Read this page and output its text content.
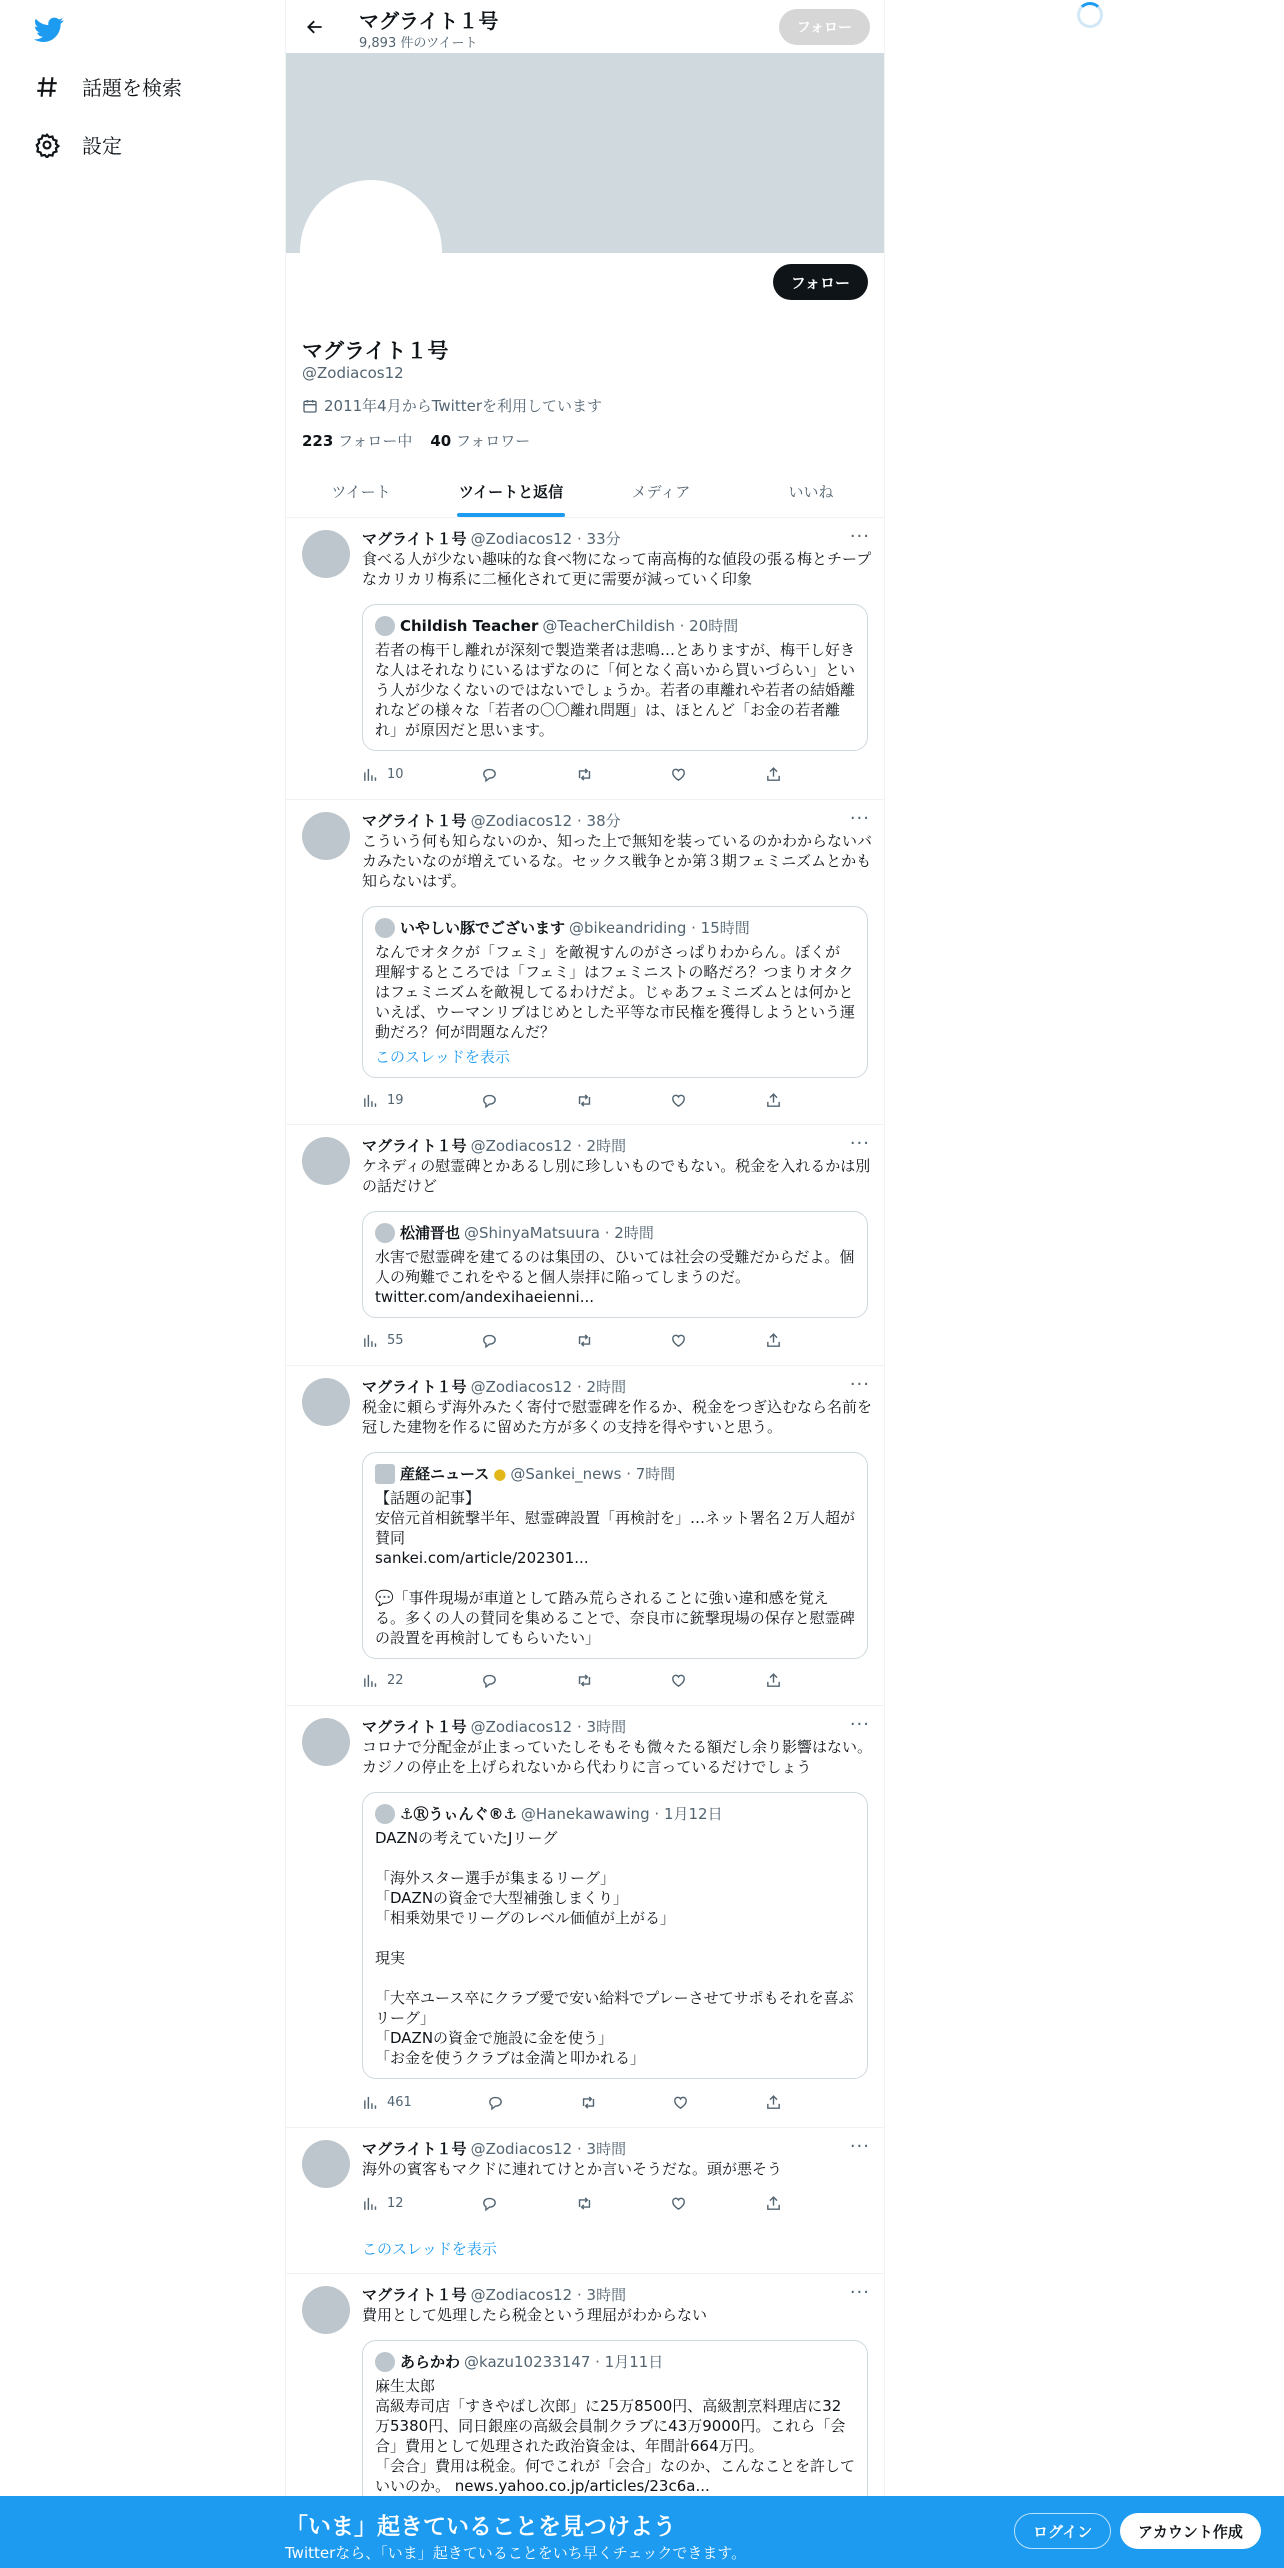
話題を検索
設定
マグライト１号
9,893 件のツイート
フォロー
フォロー
マグライト１号
@Zodiacos12
2011年4月からTwitterを利用しています
223 フォロー中 40 フォロワー
ツイート	ツイートと返信	メディア	いいね
マグライト１号 @Zodiacos12 · 33分	···
食べる人が少ない趣味的な食べ物になって南高梅的な値段の張る梅とチープなカリカリ梅系に二極化されて更に需要が減っていく印象
Childish Teacher @TeacherChildish · 20時間
若者の梅干し離れが深刻で製造業者は悲鳴…とありますが、梅干し好きな人はそれなりにいるはずなのに「何となく高いから買いづらい」という人が少なくないのではないでしょうか。若者の車離れや若者の結婚離れなどの様々な「若者の〇〇離れ問題」は、ほとんど「お金の若者離れ」が原因だと思います。
10
マグライト１号 @Zodiacos12 · 38分	···
こういう何も知らないのか、知った上で無知を装っているのかわからないバカみたいなのが増えているな。セックス戦争とか第３期フェミニズムとかも知らないはず。
いやしい豚でございます @bikeandriding · 15時間
なんでオタクが「フェミ」を敵視すんのがさっぱりわからん。ぼくが理解するところでは「フェミ」はフェミニストの略だろ？つまりオタクはフェミニズムを敵視してるわけだよ。じゃあフェミニズムとは何かといえば、ウーマンリブはじめとした平等な市民権を獲得しようという運動だろ？何が問題なんだ？
このスレッドを表示
19
マグライト１号 @Zodiacos12 · 2時間	···
ケネディの慰霊碑とかあるし別に珍しいものでもない。税金を入れるかは別の話だけど
松浦晋也 @ShinyaMatsuura · 2時間
水害で慰霊碑を建てるのは集団の、ひいては社会の受難だからだよ。個人の殉難でこれをやると個人崇拝に陥ってしまうのだ。
twitter.com/andexihaeienni...
55
マグライト１号 @Zodiacos12 · 2時間	···
税金に頼らず海外みたく寄付で慰霊碑を作るか、税金をつぎ込むなら名前を冠した建物を作るに留めた方が多くの支持を得やすいと思う。
産経ニュース ● @Sankei_news · 7時間
【話題の記事】
安倍元首相銃撃半年、慰霊碑設置「再検討を」…ネット署名２万人超が賛同
sankei.com/article/202301...

💬「事件現場が車道として踏み荒らされることに強い違和感を覚える。多くの人の賛同を集めることで、奈良市に銃撃現場の保存と慰霊碑の設置を再検討してもらいたい」
22
マグライト１号 @Zodiacos12 · 3時間	···
コロナで分配金が止まっていたしそもそも微々たる額だし余り影響はない。カジノの停止を上げられないから代わりに言っているだけでしょう
⚓Ⓡうぃんぐ®⚓ @Hanekawawing · 1月12日
DAZNの考えていたJリーグ

「海外スター選手が集まるリーグ」
「DAZNの資金で大型補強しまくり」
「相乗効果でリーグのレベル価値が上がる」

現実

「大卒ユース卒にクラブ愛で安い給料でプレーさせてサポもそれを喜ぶリーグ」
「DAZNの資金で施設に金を使う」
「お金を使うクラブは金満と叩かれる」
461
マグライト１号 @Zodiacos12 · 3時間	···
海外の賓客もマクドに連れてけとか言いそうだな。頭が悪そう
12
このスレッドを表示
マグライト１号 @Zodiacos12 · 3時間	···
費用として処理したら税金という理屈がわからない
あらかわ @kazu10233147 · 1月11日
麻生太郎
高級寿司店「すきやばし次郎」に25万8500円、高級割烹料理店に32万5380円、同日銀座の高級会員制クラブに43万9000円。これら「会合」費用として処理された政治資金は、年間計664万円。
「会合」費用は税金。何でこれが「会合」なのか、こんなことを許していいのか。 news.yahoo.co.jp/articles/23c6a...
「いま」起きていることを見つけよう
Twitterなら、「いま」起きていることをいち早くチェックできます。
ログイン	アカウント作成
